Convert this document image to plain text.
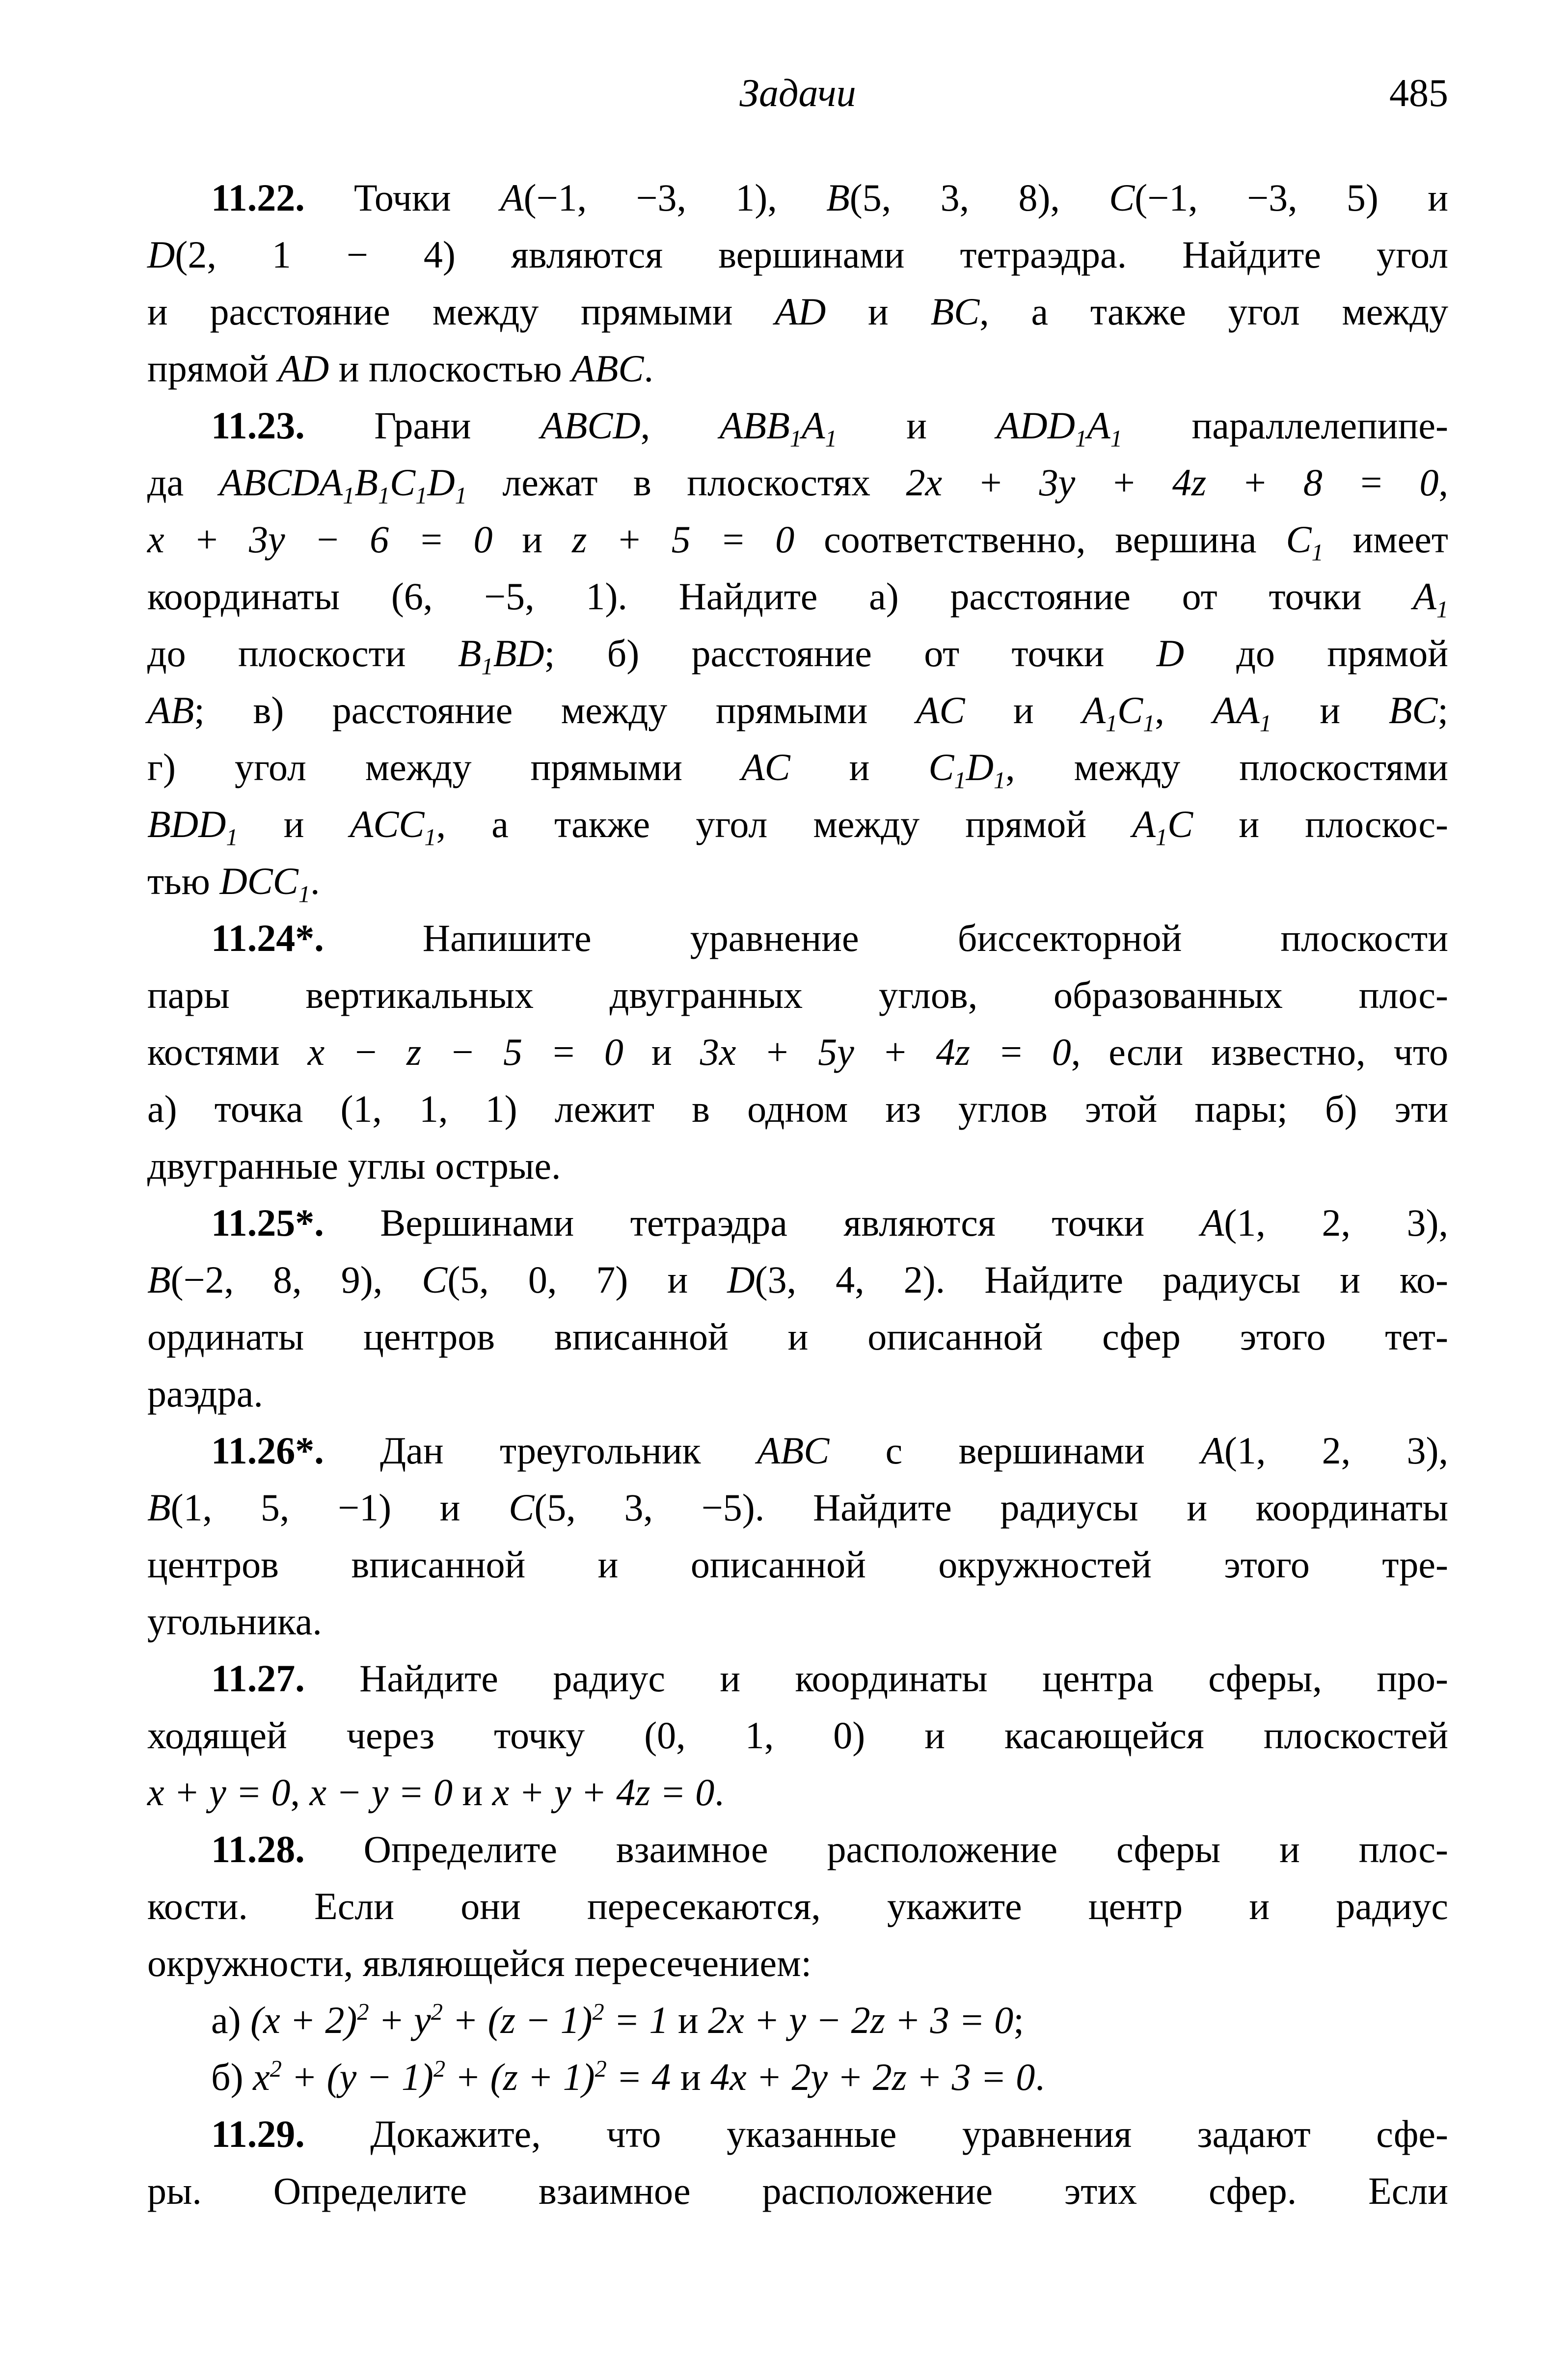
Задачи	485
11.22. Точки A(−1, −3, 1), B(5, 3, 8), C(−1, −3, 5) и
D(2, 1 − 4) являются вершинами тетраэдра. Найдите угол
и расстояние между прямыми AD и BC, а также угол между
прямой AD и плоскостью ABC.
11.23. Грани ABCD, $ABB_1A_1$ и $ADD_1A_1$ параллелепипе-
да $ABCDA_1B_1C_1D_1$ лежат в плоскостях 2x + 3y + 4z + 8 = 0,
x + 3y − 6 = 0 и z + 5 = 0 соответственно, вершина $C_1$ имеет
координаты (6, −5, 1). Найдите а) расстояние от точки $A_1$
до плоскости $B_1BD$; б) расстояние от точки D до прямой
AB; в) расстояние между прямыми AC и $A_1C_1$, $AA_1$ и BC;
г) угол между прямыми AC и $C_1D_1$, между плоскостями
$BDD_1$ и $ACC_1$, а также угол между прямой $A_1C$ и плоскос-
тью $DCC_1$.
11.24*. Напишите уравнение биссекторной плоскости
пары вертикальных двугранных углов, образованных плос-
костями x − z − 5 = 0 и 3x + 5y + 4z = 0, если известно, что
а) точка (1, 1, 1) лежит в одном из углов этой пары; б) эти
двугранные углы острые.
11.25*. Вершинами тетраэдра являются точки A(1, 2, 3),
B(−2, 8, 9), C(5, 0, 7) и D(3, 4, 2). Найдите радиусы и ко-
ординаты центров вписанной и описанной сфер этого тет-
раэдра.
11.26*. Дан треугольник ABC с вершинами A(1, 2, 3),
B(1, 5, −1) и C(5, 3, −5). Найдите радиусы и координаты
центров вписанной и описанной окружностей этого тре-
угольника.
11.27. Найдите радиус и координаты центра сферы, про-
ходящей через точку (0, 1, 0) и касающейся плоскостей
x + y = 0, x − y = 0 и x + y + 4z = 0.
11.28. Определите взаимное расположение сферы и плос-
кости. Если они пересекаются, укажите центр и радиус
окружности, являющейся пересечением:
а) $(x + 2)^2 + y^2 + (z - 1)^2 = 1$ и 2x + y − 2z + 3 = 0;
б) $x^2 + (y - 1)^2 + (z + 1)^2 = 4$ и 4x + 2y + 2z + 3 = 0.
11.29. Докажите, что указанные уравнения задают сфе-
ры. Определите взаимное расположение этих сфер. Если
